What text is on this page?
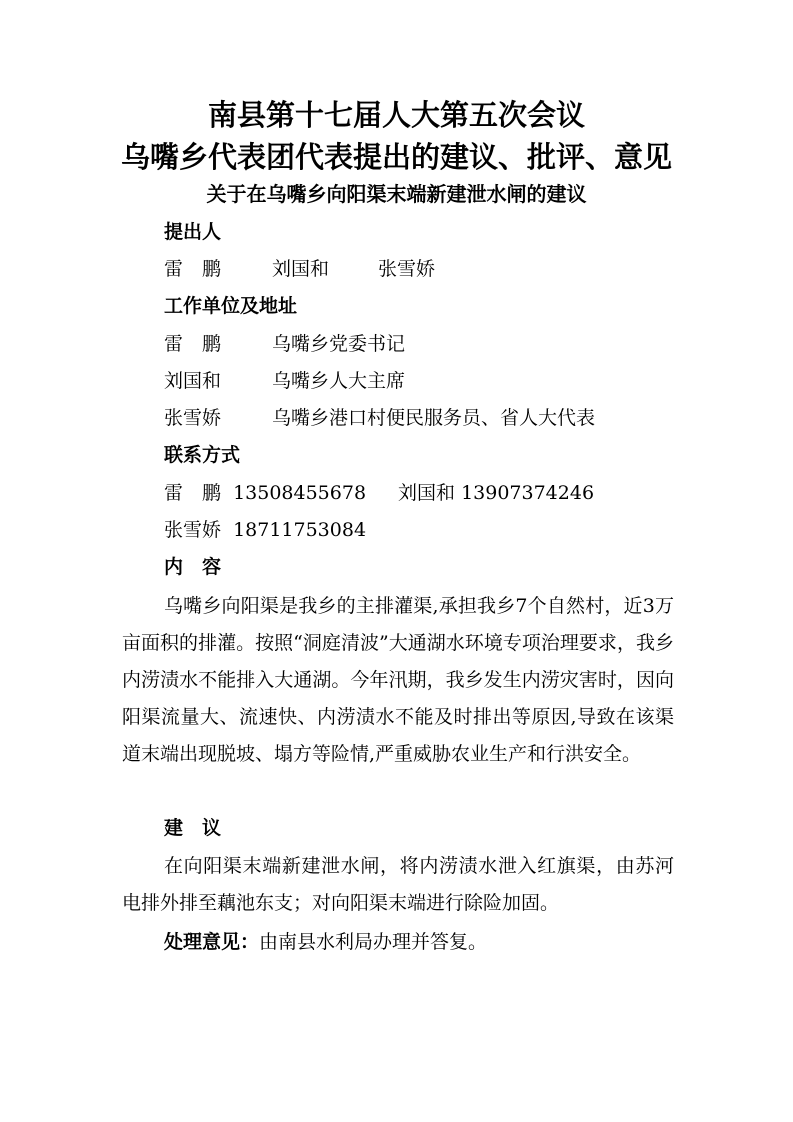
南县第十七届人大第五次会议
乌嘴乡代表团代表提出的建议、批评、意见
关于在乌嘴乡向阳渠末端新建泄水闸的建议
提出人
雷　鹏	刘国和	张雪娇
工作单位及地址
雷　鹏	乌嘴乡党委书记
刘国和	乌嘴乡人大主席
张雪娇	乌嘴乡港口村便民服务员、省人大代表
联系方式
雷　鹏 13508455678 刘国和 13907374246
张雪娇 18711753084
内　容

乌嘴乡向阳渠是我乡的主排灌渠,承担我乡7个自然村，近3万亩面积的排灌。按照“洞庭清波”大通湖水环境专项治理要求，我乡内涝渍水不能排入大通湖。今年汛期，我乡发生内涝灾害时，因向阳渠流量大、流速快、内涝渍水不能及时排出等原因,导致在该渠道末端出现脱坡、塌方等险情,严重威胁农业生产和行洪安全。

建　议

在向阳渠末端新建泄水闸，将内涝渍水泄入红旗渠，由苏河电排外排至藕池东支；对向阳渠末端进行除险加固。

处理意见：由南县水利局办理并答复。
